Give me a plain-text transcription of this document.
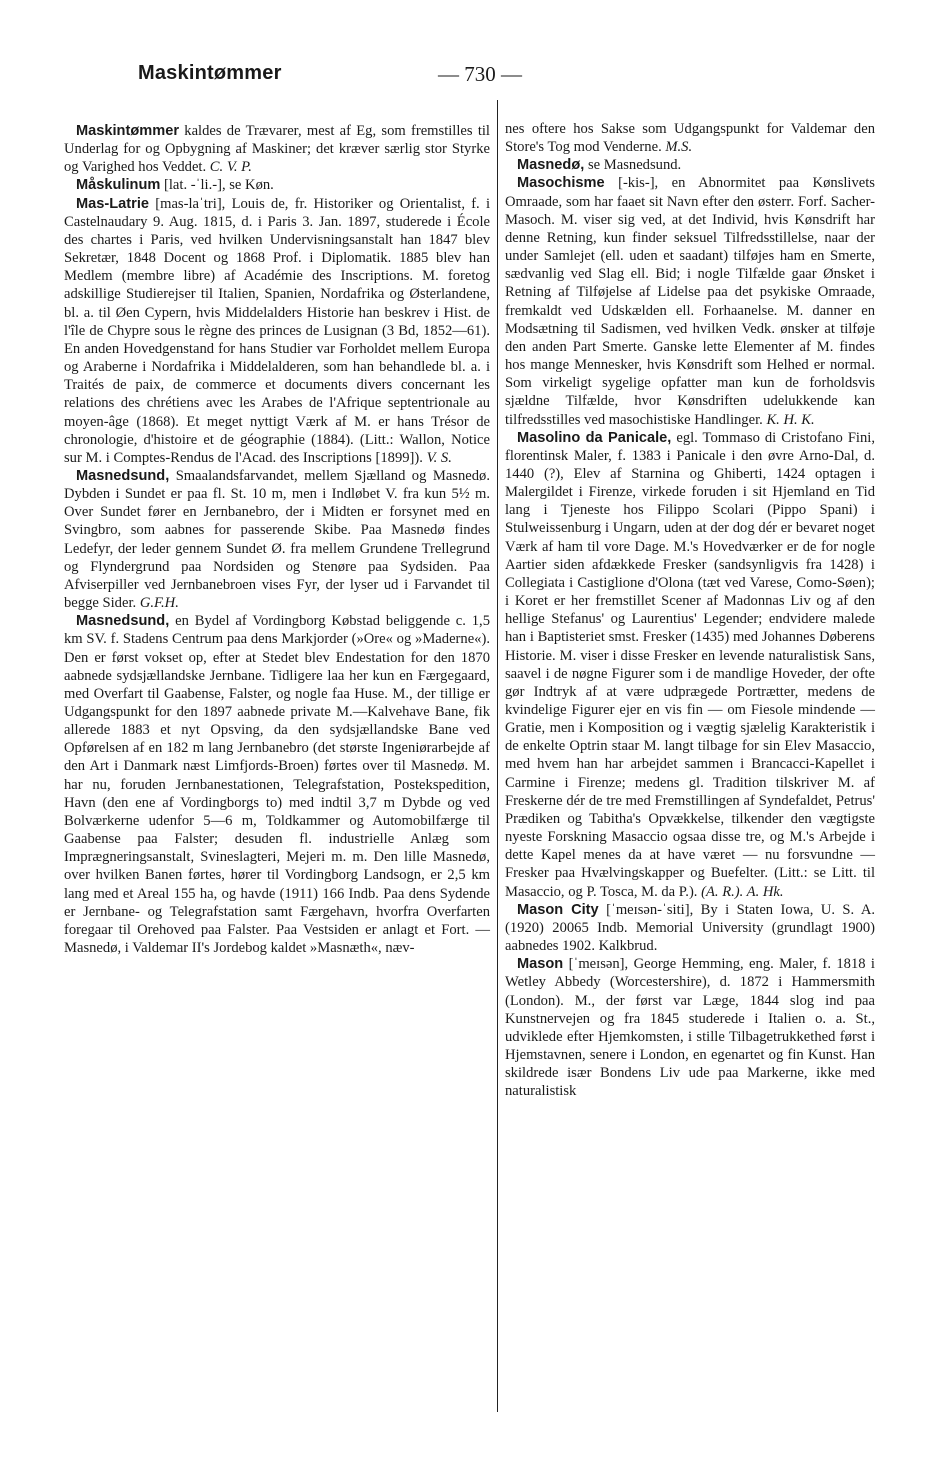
Maskintømmer	— 730 —

Maskintømmer kaldes de Trævarer, mest af Eg, som fremstilles til Underlag for og Opbygning af Maskiner; det kræver særlig stor Styrke og Varighed hos Veddet. C. V. P.

Måskulinum [lat. -ˈli.-], se Køn.

Mas-Latrie [mas-laˈtri], Louis de, fr. Historiker og Orientalist, f. i Castelnaudary 9. Aug. 1815, d. i Paris 3. Jan. 1897, studerede i École des chartes i Paris, ved hvilken Undervisningsanstalt han 1847 blev Sekretær, 1848 Docent og 1868 Prof. i Diplomatik. 1885 blev han Medlem (membre libre) af Académie des Inscriptions. M. foretog adskillige Studierejser til Italien, Spanien, Nordafrika og Østerlandene, bl. a. til Øen Cypern, hvis Middelalders Historie han beskrev i Hist. de l'île de Chypre sous le règne des princes de Lusignan (3 Bd, 1852—61). En anden Hovedgenstand for hans Studier var Forholdet mellem Europa og Araberne i Nordafrika i Middelalderen, som han behandlede bl. a. i Traités de paix, de commerce et documents divers concernant les relations des chrétiens avec les Arabes de l'Afrique septentrionale au moyen-âge (1868). Et meget nyttigt Værk af M. er hans Trésor de chronologie, d'histoire et de géographie (1884). (Litt.: Wallon, Notice sur M. i Comptes-Rendus de l'Acad. des Inscriptions [1899]). V. S.

Masnedsund, Smaalandsfarvandet, mellem Sjælland og Masnedø. Dybden i Sundet er paa fl. St. 10 m, men i Indløbet V. fra kun 5½ m. Over Sundet fører en Jernbanebro, der i Midten er forsynet med en Svingbro, som aabnes for passerende Skibe. Paa Masnedø findes Ledefyr, der leder gennem Sundet Ø. fra mellem Grundene Trellegrund og Flyndergrund paa Nordsiden og Stenøre paa Sydsiden. Paa Afviserpiller ved Jernbanebroen vises Fyr, der lyser ud i Farvandet til begge Sider. G.F.H.

Masnedsund, en Bydel af Vordingborg Købstad beliggende c. 1,5 km SV. f. Stadens Centrum paa dens Markjorder (»Ore« og »Maderne«). Den er først vokset op, efter at Stedet blev Endestation for den 1870 aabnede sydsjællandske Jernbane. Tidligere laa her kun en Færgegaard, med Overfart til Gaabense, Falster, og nogle faa Huse. M., der tillige er Udgangspunkt for den 1897 aabnede private M.—Kalvehave Bane, fik allerede 1883 et nyt Opsving, da den sydsjællandske Bane ved Opførelsen af en 182 m lang Jernbanebro (det største Ingeniørarbejde af den Art i Danmark næst Limfjords-Broen) førtes over til Masnedø. M. har nu, foruden Jernbanestationen, Telegrafstation, Postekspedition, Havn (den ene af Vordingborgs to) med indtil 3,7 m Dybde og ved Bolværkerne udenfor 5—6 m, Toldkammer og Automobilfærge til Gaabense paa Falster; desuden fl. industrielle Anlæg som Imprægneringsanstalt, Svineslagteri, Mejeri m. m. Den lille Masnedø, over hvilken Banen førtes, hører til Vordingborg Landsogn, er 2,5 km lang med et Areal 155 ha, og havde (1911) 166 Indb. Paa dens Sydende er Jernbane- og Telegrafstation samt Færgehavn, hvorfra Overfarten foregaar til Orehoved paa Falster. Paa Vestsiden er anlagt et Fort. — Masnedø, i Valdemar II's Jordebog kaldet »Masnæth«, næv-

nes oftere hos Sakse som Udgangspunkt for Valdemar den Store's Tog mod Venderne. M.S.

Masnedø, se Masnedsund.

Masochisme [-kis-], en Abnormitet paa Kønslivets Omraade, som har faaet sit Navn efter den østerr. Forf. Sacher-Masoch. M. viser sig ved, at det Individ, hvis Kønsdrift har denne Retning, kun finder seksuel Tilfredsstillelse, naar der under Samlejet (ell. uden et saadant) tilføjes ham en Smerte, sædvanlig ved Slag ell. Bid; i nogle Tilfælde gaar Ønsket i Retning af Tilføjelse af Lidelse paa det psykiske Omraade, fremkaldt ved Udskælden ell. Forhaanelse. M. danner en Modsætning til Sadismen, ved hvilken Vedk. ønsker at tilføje den anden Part Smerte. Ganske lette Elementer af M. findes hos mange Mennesker, hvis Kønsdrift som Helhed er normal. Som virkeligt sygelige opfatter man kun de forholdsvis sjældne Tilfælde, hvor Kønsdriften udelukkende kan tilfredsstilles ved masochistiske Handlinger. K. H. K.

Masolino da Panicale, egl. Tommaso di Cristofano Fini, florentinsk Maler, f. 1383 i Panicale i den øvre Arno-Dal, d. 1440 (?), Elev af Starnina og Ghiberti, 1424 optagen i Malergildet i Firenze, virkede foruden i sit Hjemland en Tid lang i Tjeneste hos Filippo Scolari (Pippo Spani) i Stulweissenburg i Ungarn, uden at der dog dér er bevaret noget Værk af ham til vore Dage. M.'s Hovedværker er de for nogle Aartier siden afdækkede Fresker (sandsynligvis fra 1428) i Collegiata i Castiglione d'Olona (tæt ved Varese, Como-Søen); i Koret er her fremstillet Scener af Madonnas Liv og af den hellige Stefanus' og Laurentius' Legender; endvidere malede han i Baptisteriet smst. Fresker (1435) med Johannes Døberens Historie. M. viser i disse Fresker en levende naturalistisk Sans, saavel i de nøgne Figurer som i de mandlige Hoveder, der ofte gør Indtryk af at være udprægede Portrætter, medens de kvindelige Figurer ejer en vis fin — om Fiesole mindende — Gratie, men i Komposition og i vægtig sjælelig Karakteristik i de enkelte Optrin staar M. langt tilbage for sin Elev Masaccio, med hvem han har arbejdet sammen i Brancacci-Kapellet i Carmine i Firenze; medens gl. Tradition tilskriver M. af Freskerne dér de tre med Fremstillingen af Syndefaldet, Petrus' Prædiken og Tabitha's Opvækkelse, tilkender den vægtigste nyeste Forskning Masaccio ogsaa disse tre, og M.'s Arbejde i dette Kapel menes da at have været — nu forsvundne — Fresker paa Hvælvingskapper og Buefelter. (Litt.: se Litt. til Masaccio, og P. Tosca, M. da P.). (A. R.). A. Hk.

Mason City [ˈmeɪsən-ˈsiti], By i Staten Iowa, U. S. A. (1920) 20065 Indb. Memorial University (grundlagt 1900) aabnedes 1902. Kalkbrud.

Mason [ˈmeɪsən], George Hemming, eng. Maler, f. 1818 i Wetley Abbedy (Worcestershire), d. 1872 i Hammersmith (London). M., der først var Læge, 1844 slog ind paa Kunstnervejen og fra 1845 studerede i Italien o. a. St., udviklede efter Hjemkomsten, i stille Tilbagetrukkethed først i Hjemstavnen, senere i London, en egenartet og fin Kunst. Han skildrede især Bondens Liv ude paa Markerne, ikke med naturalistisk
